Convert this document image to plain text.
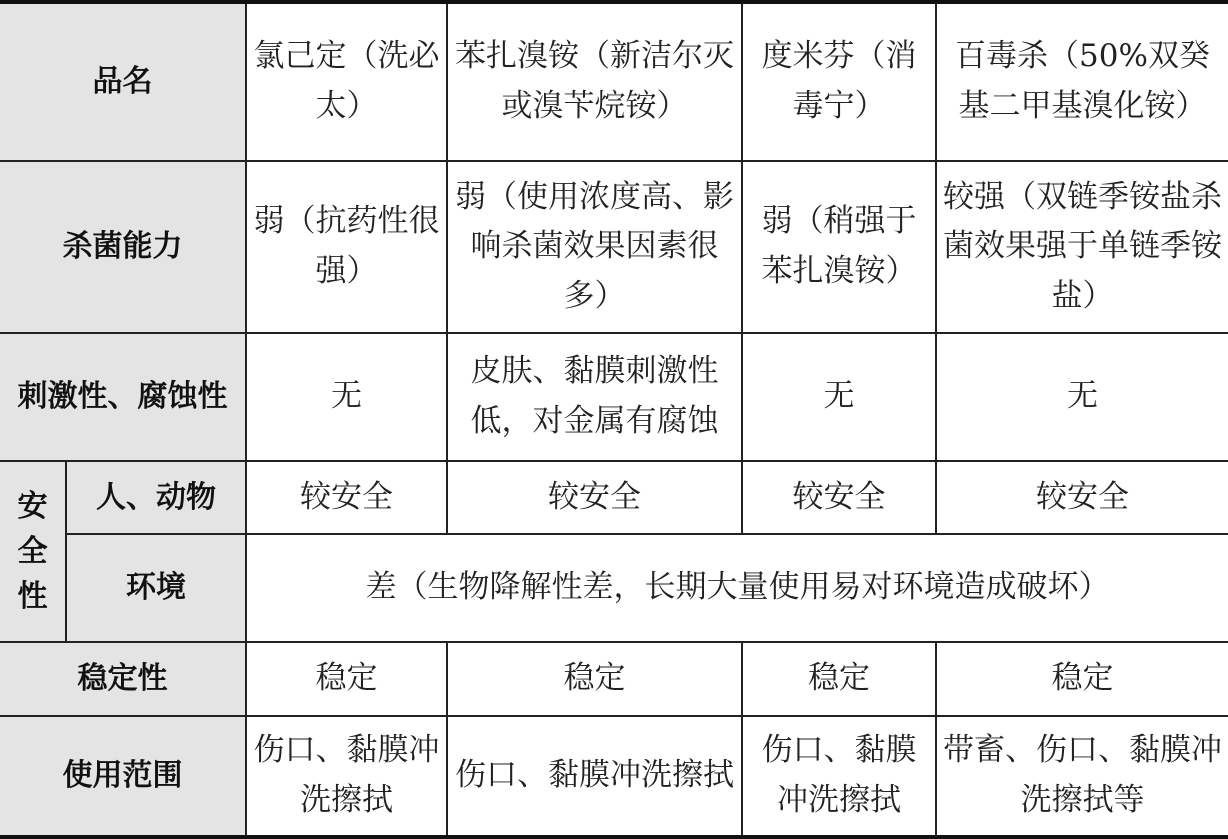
品名		氯己定（洗必太）	苯扎溴铵（新洁尔灭或溴苄烷铵）	度米芬（消毒宁）	百毒杀（50%双癸基二甲基溴化铵）
杀菌能力		弱（抗药性很强）	弱（使用浓度高、影响杀菌效果因素很多）	弱（稍强于苯扎溴铵）	较强（双链季铵盐杀菌效果强于单链季铵盐）
刺激性、腐蚀性		无	皮肤、黏膜刺激性低，对金属有腐蚀	无	无
安全性	人、动物	较安全	较安全	较安全	较安全
	环境	差（生物降解性差，长期大量使用易对环境造成破坏）			
稳定性		稳定	稳定	稳定	稳定
使用范围		伤口、黏膜冲洗擦拭	伤口、黏膜冲洗擦拭	伤口、黏膜冲洗擦拭	带畜、伤口、黏膜冲洗擦拭等
